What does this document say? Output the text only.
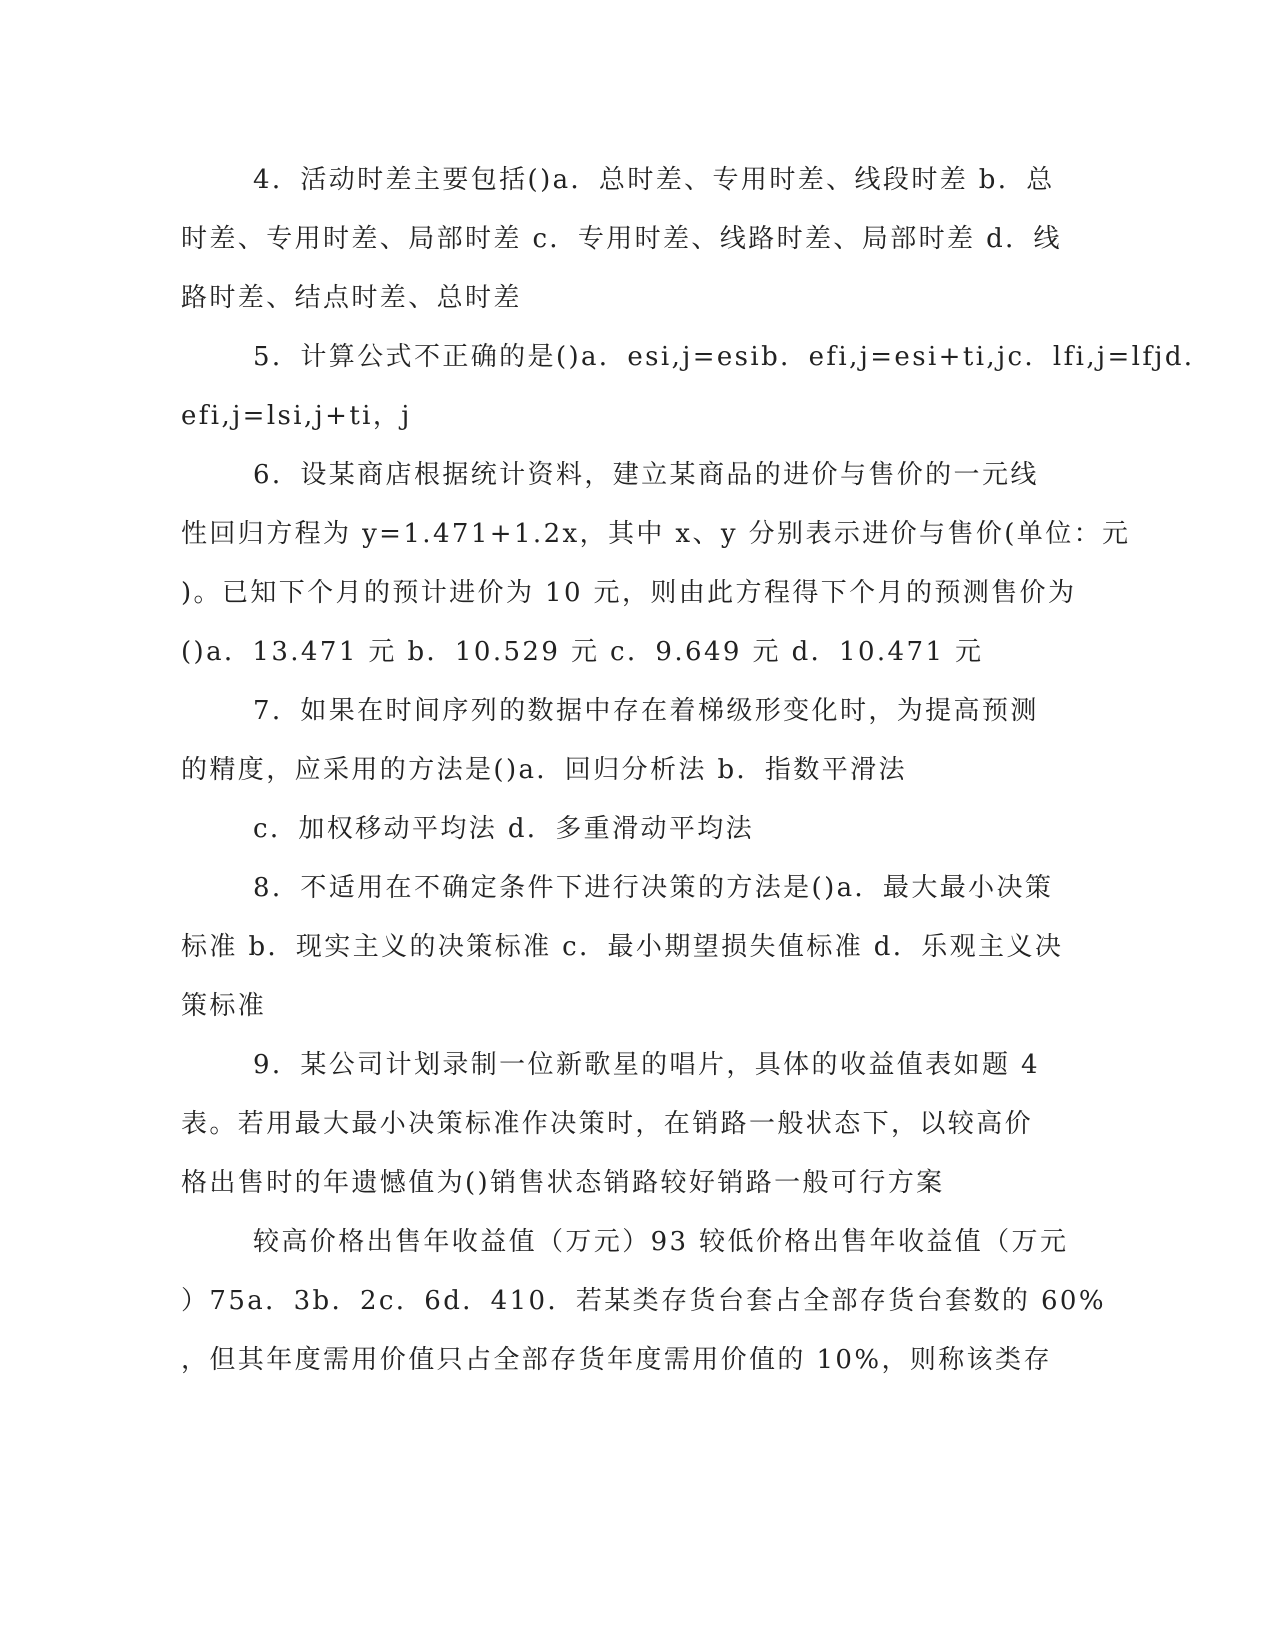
4．活动时差主要包括()a．总时差、专用时差、线段时差 b．总
时差、专用时差、局部时差 c．专用时差、线路时差、局部时差 d．线
路时差、结点时差、总时差
5．计算公式不正确的是()a．esi,j=esib．efi,j=esi+ti,jc．lfi,j=lfjd．
efi,j=lsi,j+ti，j
6．设某商店根据统计资料，建立某商品的进价与售价的一元线
性回归方程为 y=1.471+1.2x，其中 x、y 分别表示进价与售价(单位：元
)。已知下个月的预计进价为 10 元，则由此方程得下个月的预测售价为
()a．13.471 元 b．10.529 元 c．9.649 元 d．10.471 元
7．如果在时间序列的数据中存在着梯级形变化时，为提高预测
的精度，应采用的方法是()a．回归分析法 b．指数平滑法
c．加权移动平均法 d．多重滑动平均法
8．不适用在不确定条件下进行决策的方法是()a．最大最小决策
标准 b．现实主义的决策标准 c．最小期望损失值标准 d．乐观主义决
策标准
9．某公司计划录制一位新歌星的唱片，具体的收益值表如题 4
表。若用最大最小决策标准作决策时，在销路一般状态下，以较高价
格出售时的年遗憾值为()销售状态销路较好销路一般可行方案
较高价格出售年收益值（万元）93 较低价格出售年收益值（万元
）75a．3b．2c．6d．410．若某类存货台套占全部存货台套数的 60%
，但其年度需用价值只占全部存货年度需用价值的 10%，则称该类存
